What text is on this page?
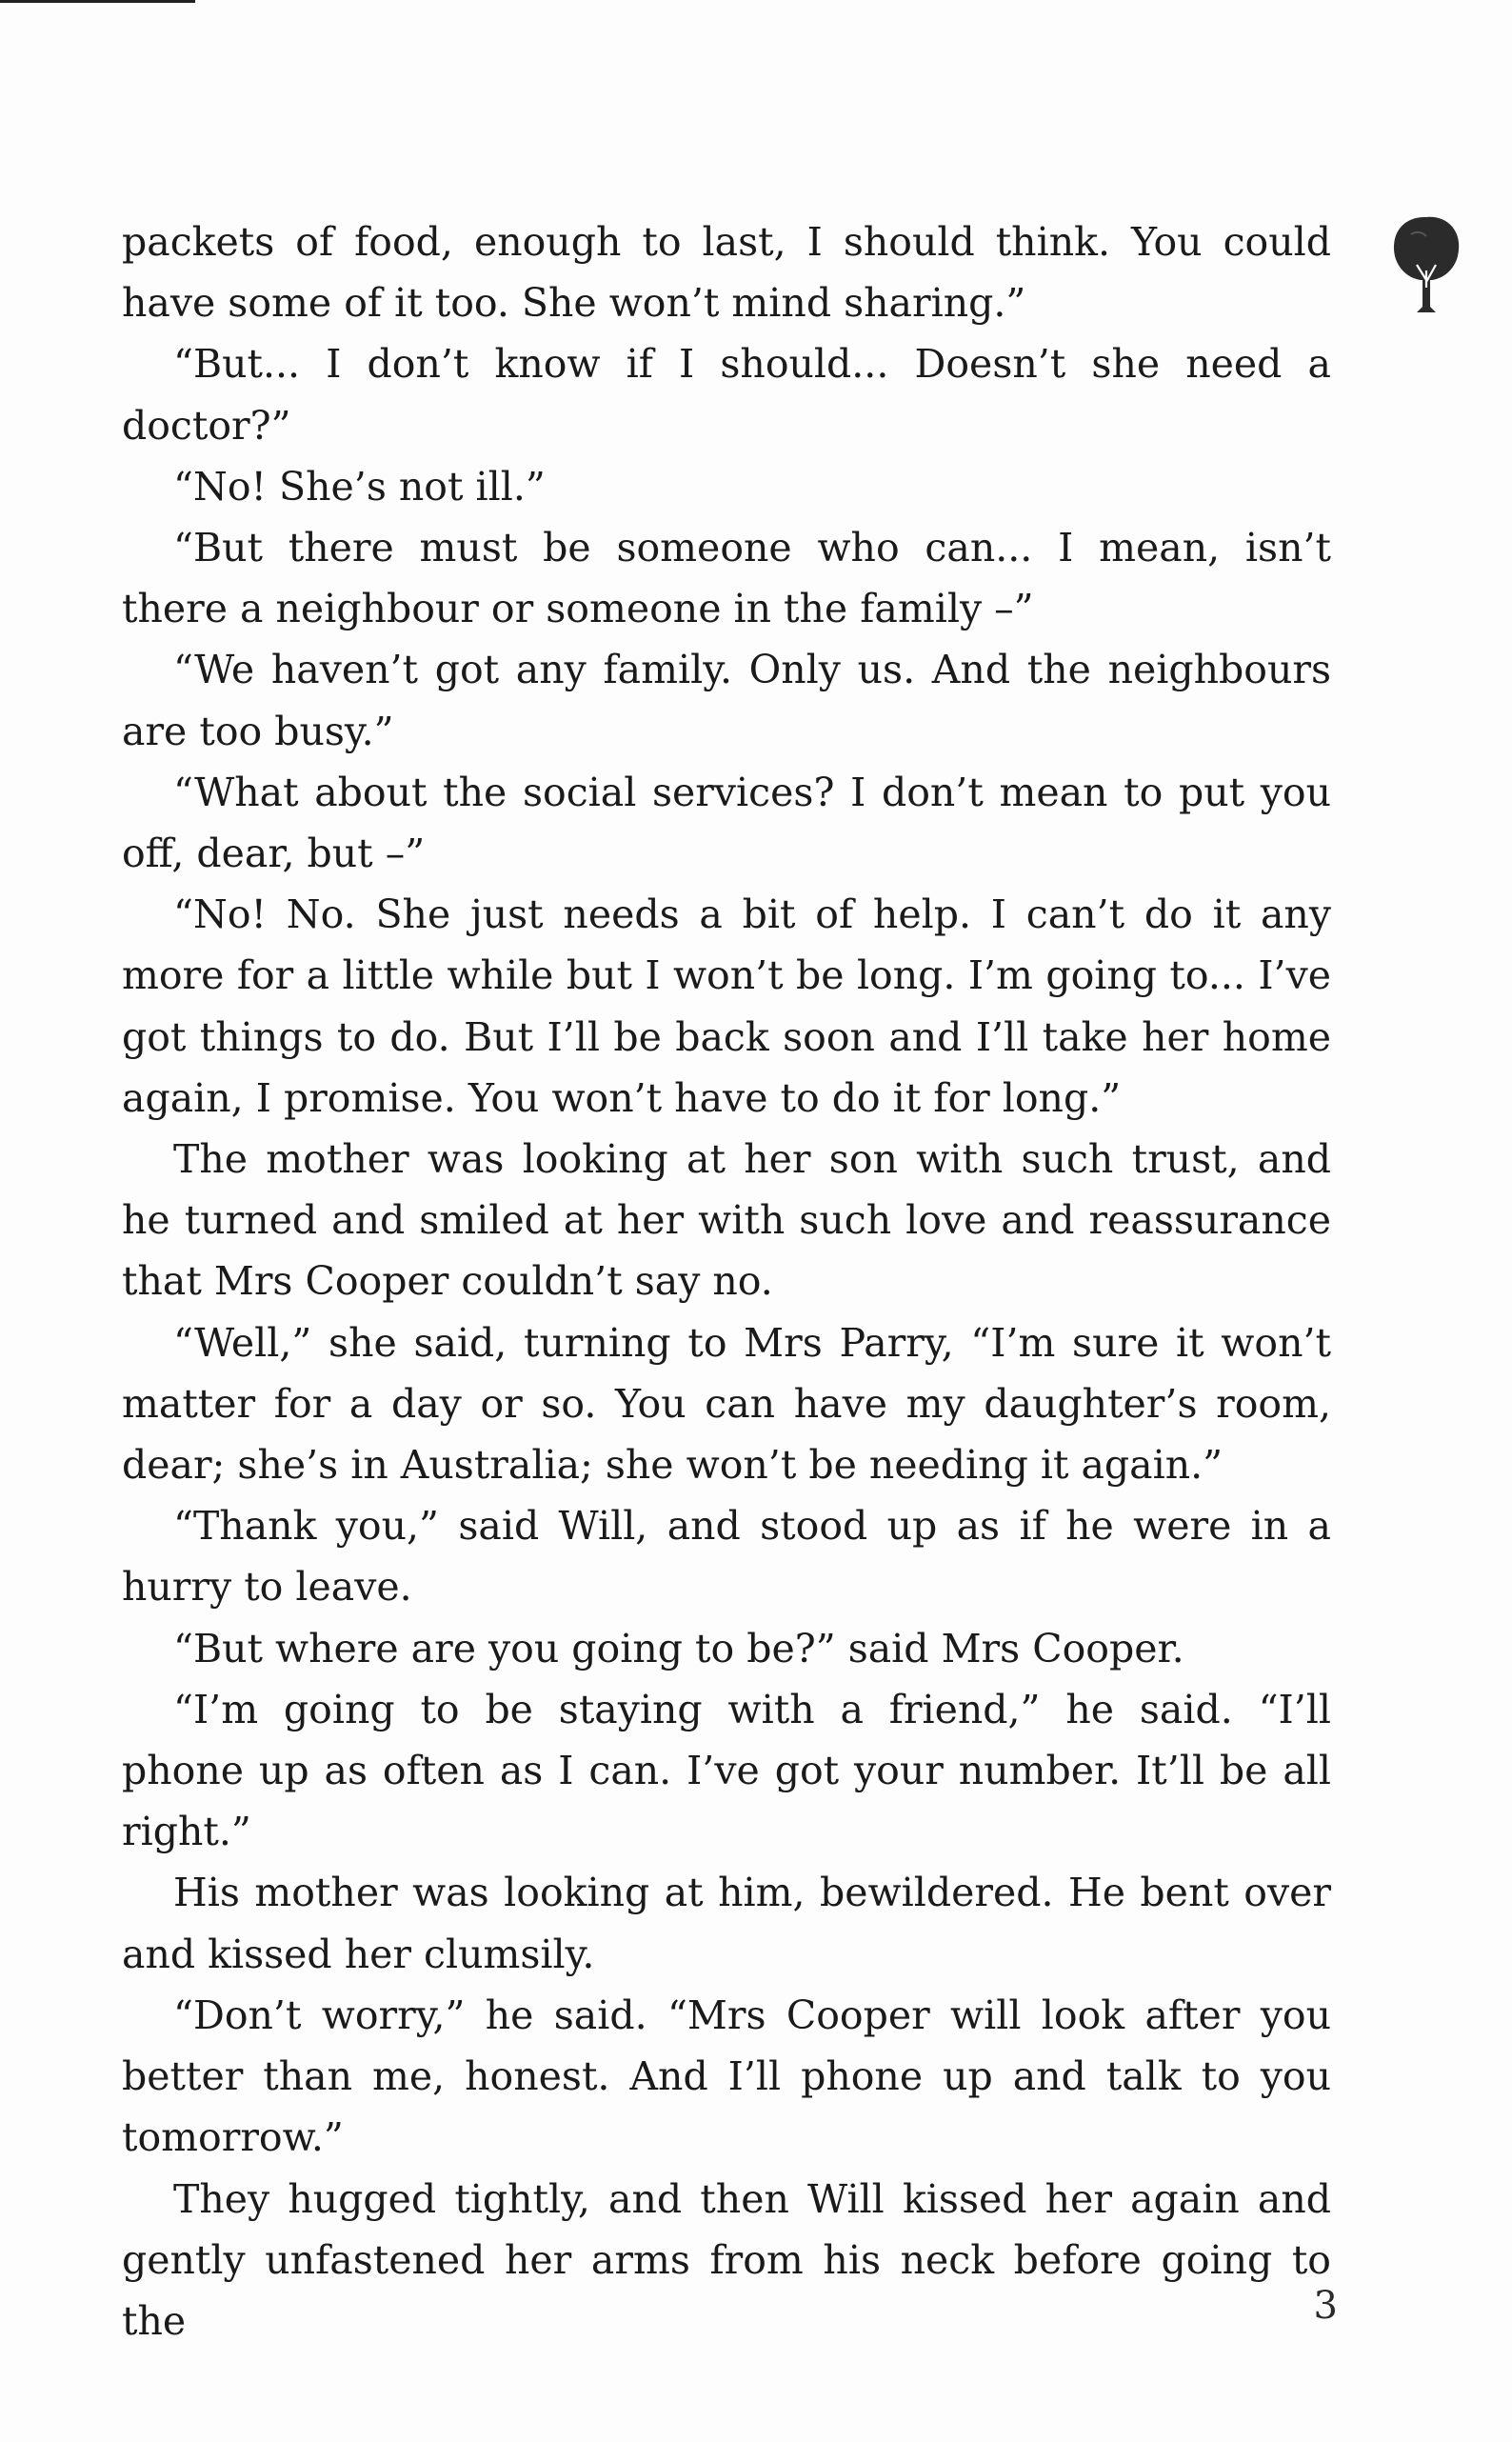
packets of food, enough to last, I should think. You could have some of it too. She won’t mind sharing.”

“But... I don’t know if I should... Doesn’t she need a doctor?”

“No! She’s not ill.”

“But there must be someone who can... I mean, isn’t there a neighbour or someone in the family –”

“We haven’t got any family. Only us. And the neighbours are too busy.”

“What about the social services? I don’t mean to put you off, dear, but –”

“No! No. She just needs a bit of help. I can’t do it any more for a little while but I won’t be long. I’m going to... I’ve got things to do. But I’ll be back soon and I’ll take her home again, I promise. You won’t have to do it for long.”

The mother was looking at her son with such trust, and he turned and smiled at her with such love and reassurance that Mrs Cooper couldn’t say no.

“Well,” she said, turning to Mrs Parry, “I’m sure it won’t matter for a day or so. You can have my daughter’s room, dear; she’s in Australia; she won’t be needing it again.”

“Thank you,” said Will, and stood up as if he were in a hurry to leave.

“But where are you going to be?” said Mrs Cooper.

“I’m going to be staying with a friend,” he said. “I’ll phone up as often as I can. I’ve got your number. It’ll be all right.”

His mother was looking at him, bewildered. He bent over and kissed her clumsily.

“Don’t worry,” he said. “Mrs Cooper will look after you better than me, honest. And I’ll phone up and talk to you tomorrow.”

They hugged tightly, and then Will kissed her again and gently unfastened her arms from his neck before going to the	3
